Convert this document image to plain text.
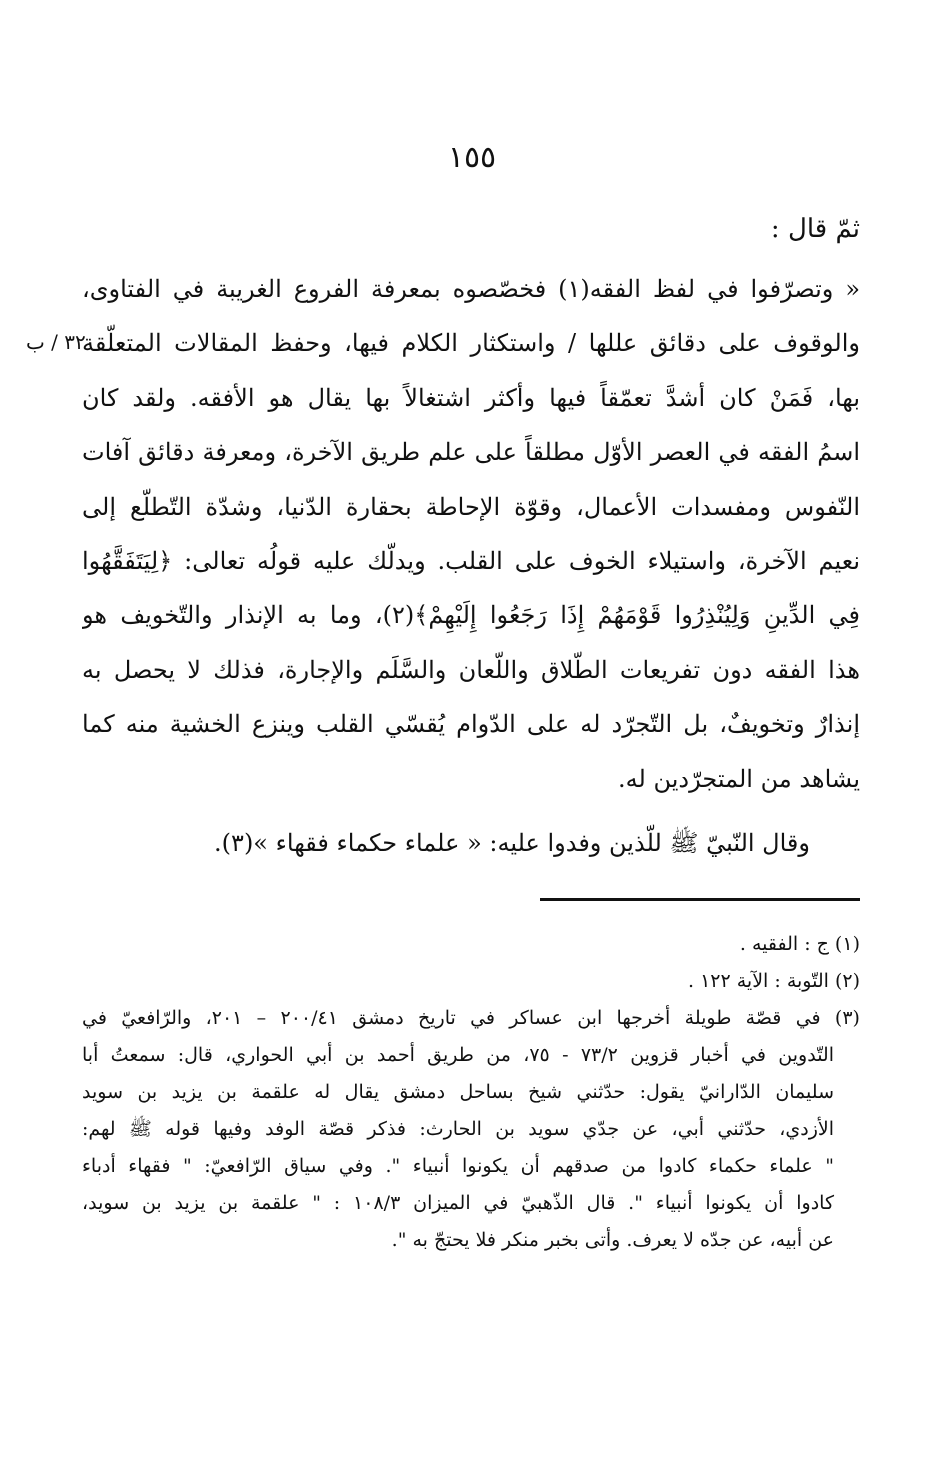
١٥٥
٣٢ / ب
ثمّ قال :
« وتصرّفوا في لفظ الفقه(١) فخصّصوه بمعرفة الفروع الغريبة في الفتاوى،
والوقوف على دقائق عللها / واستكثار الكلام فيها، وحفظ المقالات المتعلّقة
بها، فَمَنْ كان أشدَّ تعمّقاً فيها وأكثر اشتغالاً بها يقال هو الأفقه. ولقد كان
اسمُ الفقه في العصر الأوّل مطلقاً على علم طريق الآخرة، ومعرفة دقائق آفات
النّفوس ومفسدات الأعمال، وقوّة الإحاطة بحقارة الدّنيا، وشدّة التّطلّع إلى
نعيم الآخرة، واستيلاء الخوف على القلب. ويدلّك عليه قولُه تعالى: ﴿لِيَتَفَقَّهُوا
فِي الدِّينِ وَلِيُنْذِرُوا قَوْمَهُمْ إِذَا رَجَعُوا إِلَيْهِمْ﴾(٢)، وما به الإنذار والتّخويف هو
هذا الفقه دون تفريعات الطّلاق واللّعان والسَّلَم والإجارة، فذلك لا يحصل به
إنذارٌ وتخويفٌ، بل التّجرّد له على الدّوام يُقسّي القلب وينزع الخشية منه كما
يشاهد من المتجرّدين له.
وقال النّبيّ ﷺ للّذين وفدوا عليه: « علماء حكماء فقهاء »(٣).
(١) ج : الفقيه .
(٢) التّوبة : الآية ١٢٢ .
(٣) في قصّة طويلة أخرجها ابن عساكر في تاريخ دمشق ٢٠٠/٤١ – ٢٠١، والرّافعيّ في
التّدوين في أخبار قزوين ٧٣/٢ - ٧٥، من طريق أحمد بن أبي الحواري، قال: سمعتُ أبا
سليمان الدّارانيّ يقول: حدّثني شيخ بساحل دمشق يقال له علقمة بن يزيد بن سويد
الأزدي، حدّثني أبي، عن جدّي سويد بن الحارث: فذكر قصّة الوفد وفيها قوله ﷺ لهم:
" علماء حكماء كادوا من صدقهم أن يكونوا أنبياء ". وفي سياق الرّافعيّ: " فقهاء أدباء
كادوا أن يكونوا أنبياء ". قال الذّهبيّ في الميزان ١٠٨/٣ : " علقمة بن يزيد بن سويد،
عن أبيه، عن جدّه لا يعرف. وأتى بخبر منكر فلا يحتجّ به ".
